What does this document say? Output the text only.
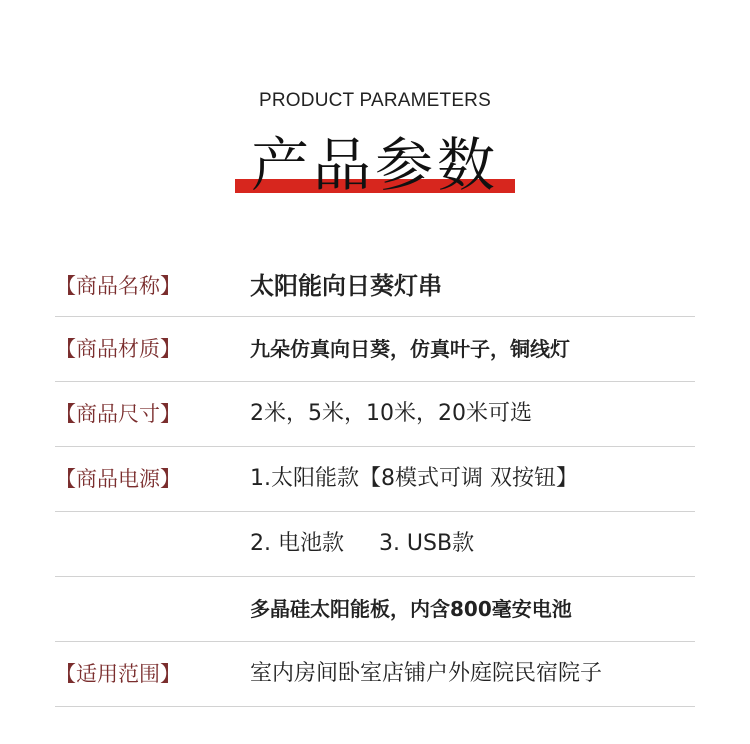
PRODUCT PARAMETERS
产品参数
【商品名称】	太阳能向日葵灯串
【商品材质】	九朵仿真向日葵，仿真叶子，铜线灯
【商品尺寸】	2米，5米，10米，20米可选
【商品电源】	1.太阳能款【8模式可调 双按钮】
2. 电池款     3. USB款
多晶硅太阳能板，内含800毫安电池
【适用范围】	室内房间卧室店铺户外庭院民宿院子
